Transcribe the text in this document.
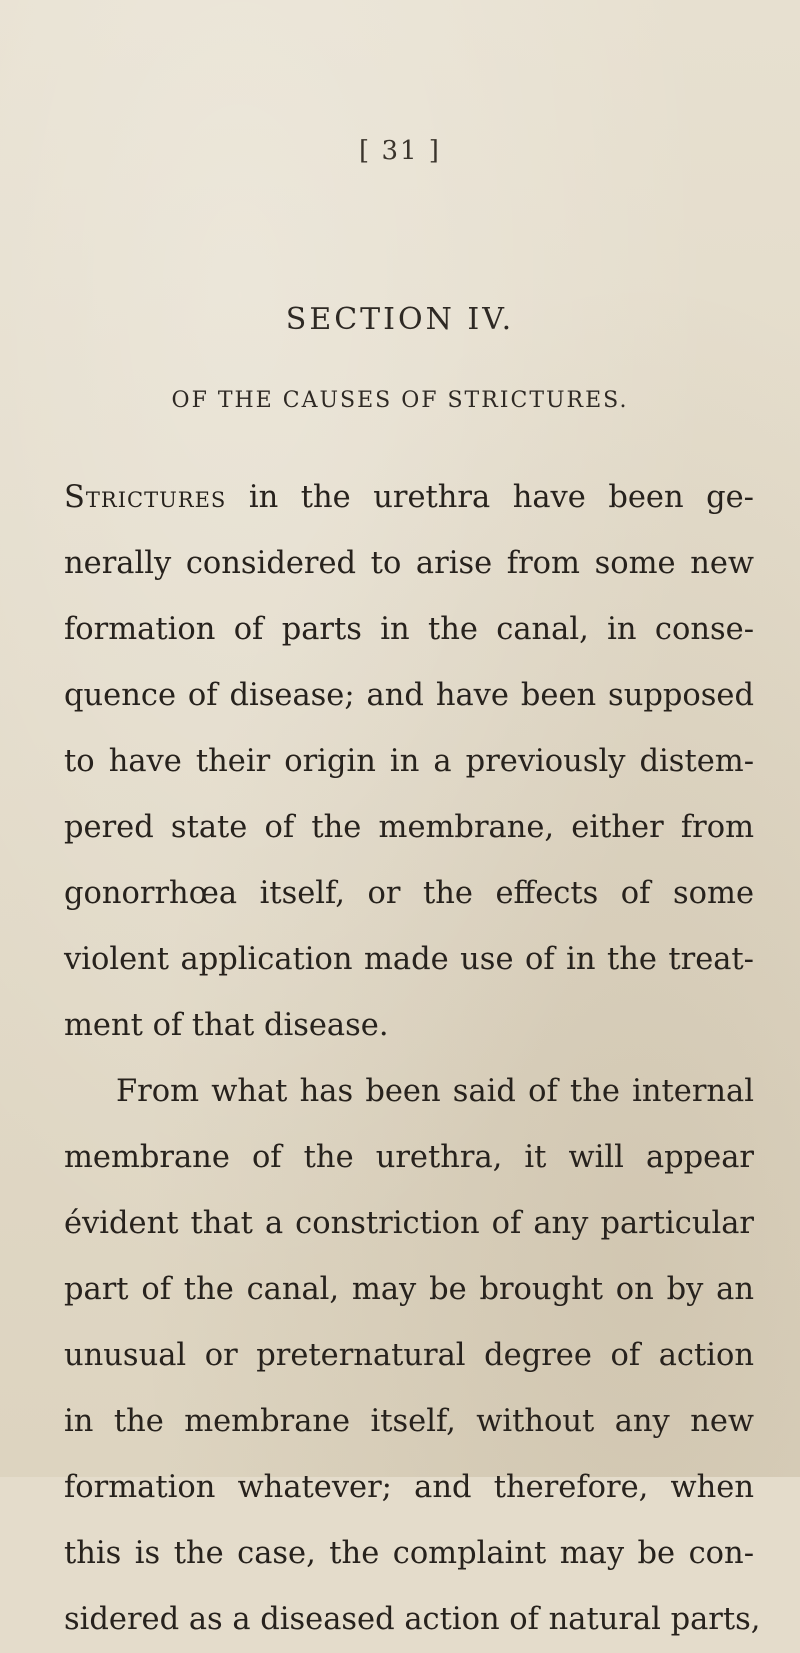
[ 31 ]
SECTION IV.
OF THE CAUSES OF STRICTURES.
Strictures in the urethra have been ge-
nerally considered to arise from some new
formation of parts in the canal, in conse-
quence of disease; and have been supposed
to have their origin in a previously distem-
pered state of the membrane, either from
gonorrhœa itself, or the effects of some
violent application made use of in the treat-
ment of that disease.
From what has been said of the internal
membrane of the urethra, it will appear
évident that a constriction of any particular
part of the canal, may be brought on by an
unusual or preternatural degree of action
in the membrane itself, without any new
formation whatever; and therefore, when
this is the case, the complaint may be con-
sidered as a diseased action of natural parts,
